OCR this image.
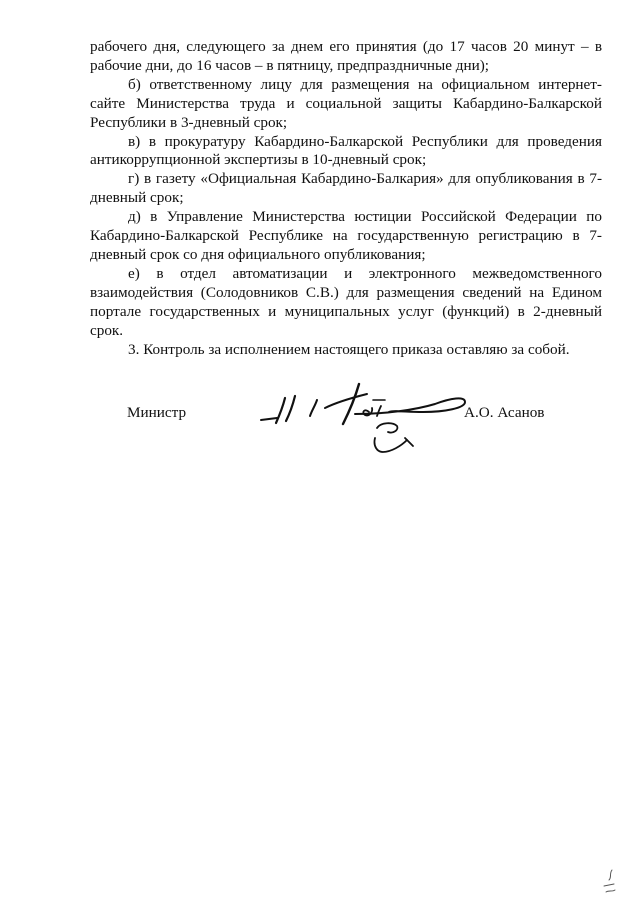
рабочего дня, следующего за днем его принятия (до 17 часов 20 минут – в рабочие дни, до 16 часов – в пятницу, предпраздничные дни);

б) ответственному лицу для размещения на официальном интернет-сайте Министерства труда и социальной защиты Кабардино-Балкарской Республики в 3-дневный срок;

в) в прокуратуру Кабардино-Балкарской Республики для проведения антикоррупционной экспертизы в 10-дневный срок;

г) в газету «Официальная Кабардино-Балкария» для опубликования в 7-дневный срок;

д) в Управление Министерства юстиции Российской Федерации по Кабардино-Балкарской Республике на государственную регистрацию в 7-дневный срок со дня официального опубликования;

е) в отдел автоматизации и электронного межведомственного взаимодействия (Солодовников С.В.) для размещения сведений на Едином портале государственных и муниципальных услуг (функций) в 2-дневный срок.

3. Контроль за исполнением настоящего приказа оставляю за собой.

Министр	А.О. Асанов
